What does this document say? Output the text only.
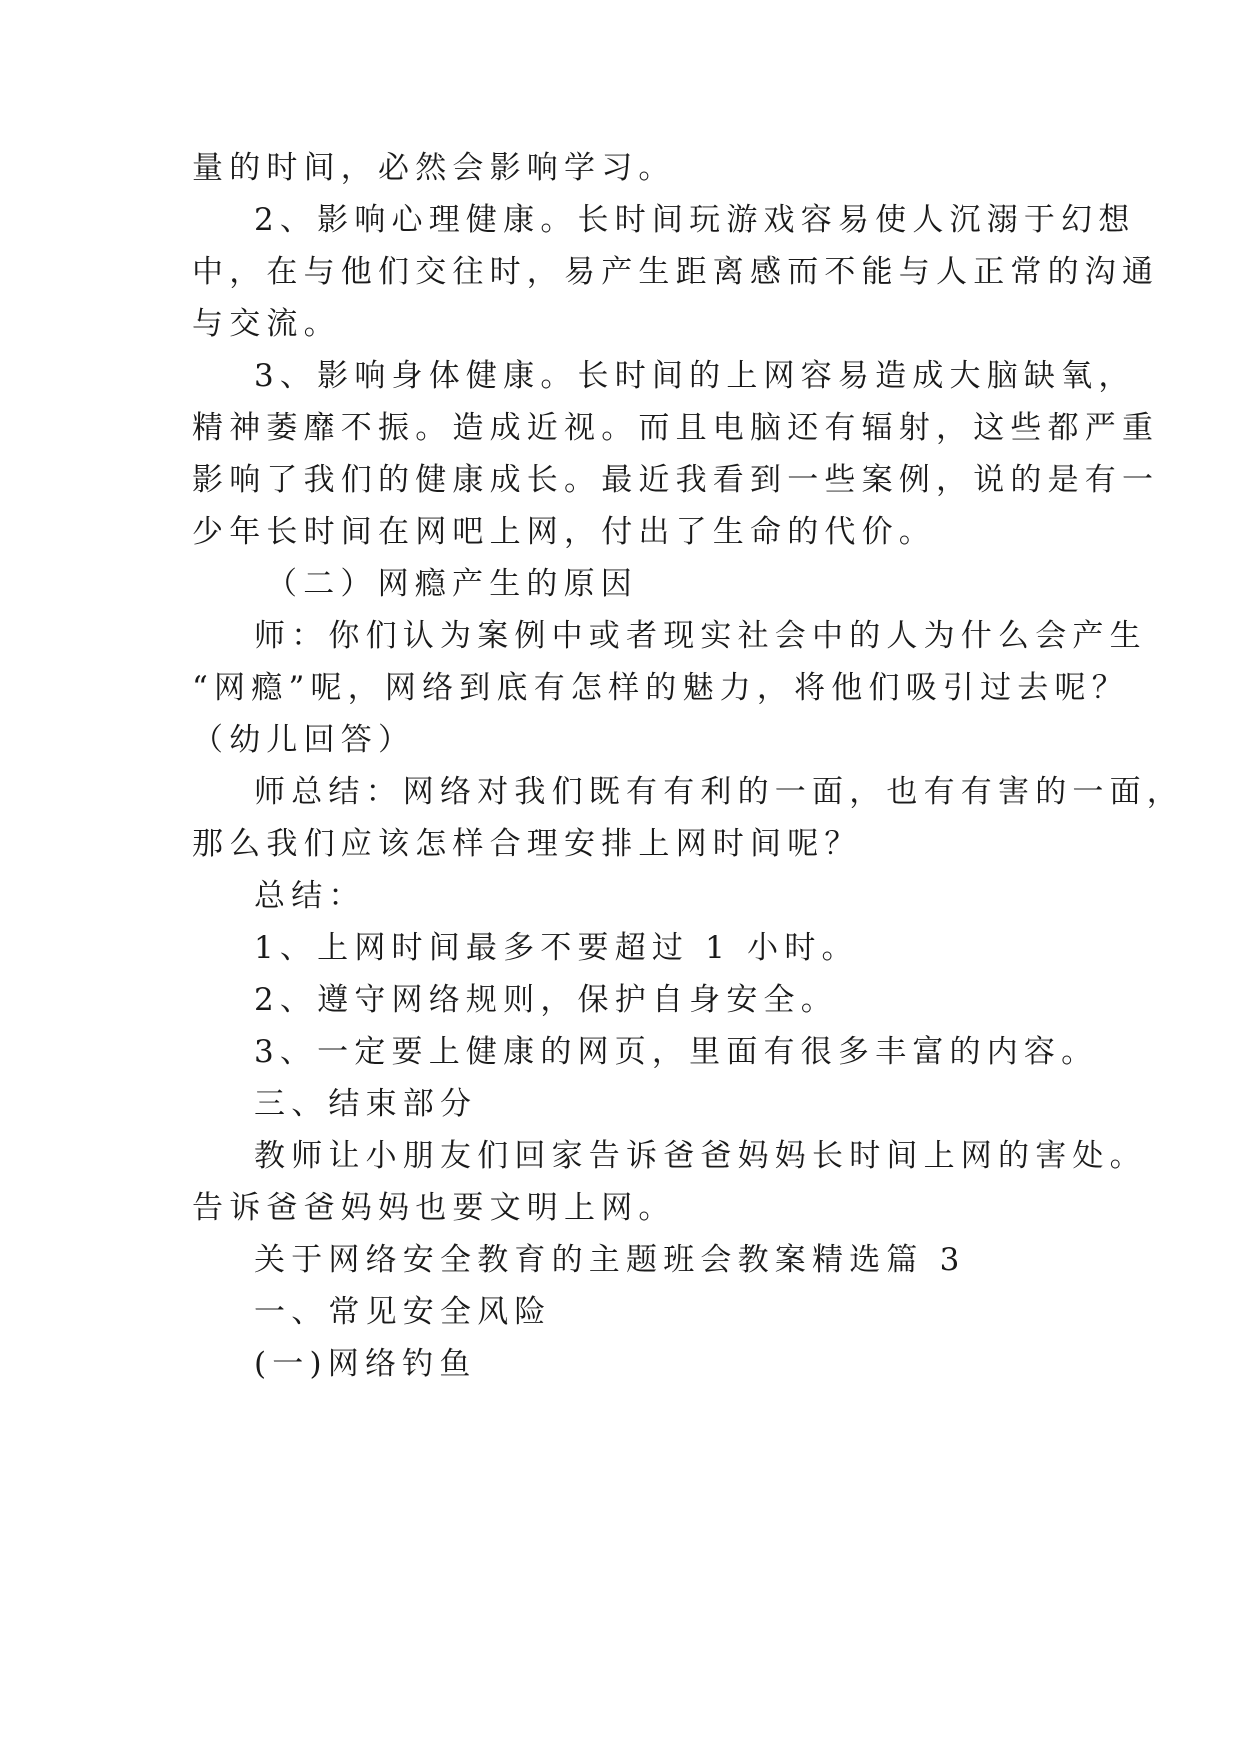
量的时间，必然会影响学习。
2、影响心理健康。长时间玩游戏容易使人沉溺于幻想
中，在与他们交往时，易产生距离感而不能与人正常的沟通
与交流。
3、影响身体健康。长时间的上网容易造成大脑缺氧，
精神萎靡不振。造成近视。而且电脑还有辐射，这些都严重
影响了我们的健康成长。最近我看到一些案例，说的是有一
少年长时间在网吧上网，付出了生命的代价。
（二）网瘾产生的原因
师：你们认为案例中或者现实社会中的人为什么会产生
“网瘾”呢，网络到底有怎样的魅力，将他们吸引过去呢？
（幼儿回答）
师总结：网络对我们既有有利的一面，也有有害的一面，
那么我们应该怎样合理安排上网时间呢？
总结：
1、上网时间最多不要超过 1 小时。
2、遵守网络规则，保护自身安全。
3、一定要上健康的网页，里面有很多丰富的内容。
三、结束部分
教师让小朋友们回家告诉爸爸妈妈长时间上网的害处。
告诉爸爸妈妈也要文明上网。
关于网络安全教育的主题班会教案精选篇 3
一、常见安全风险
(一)网络钓鱼
